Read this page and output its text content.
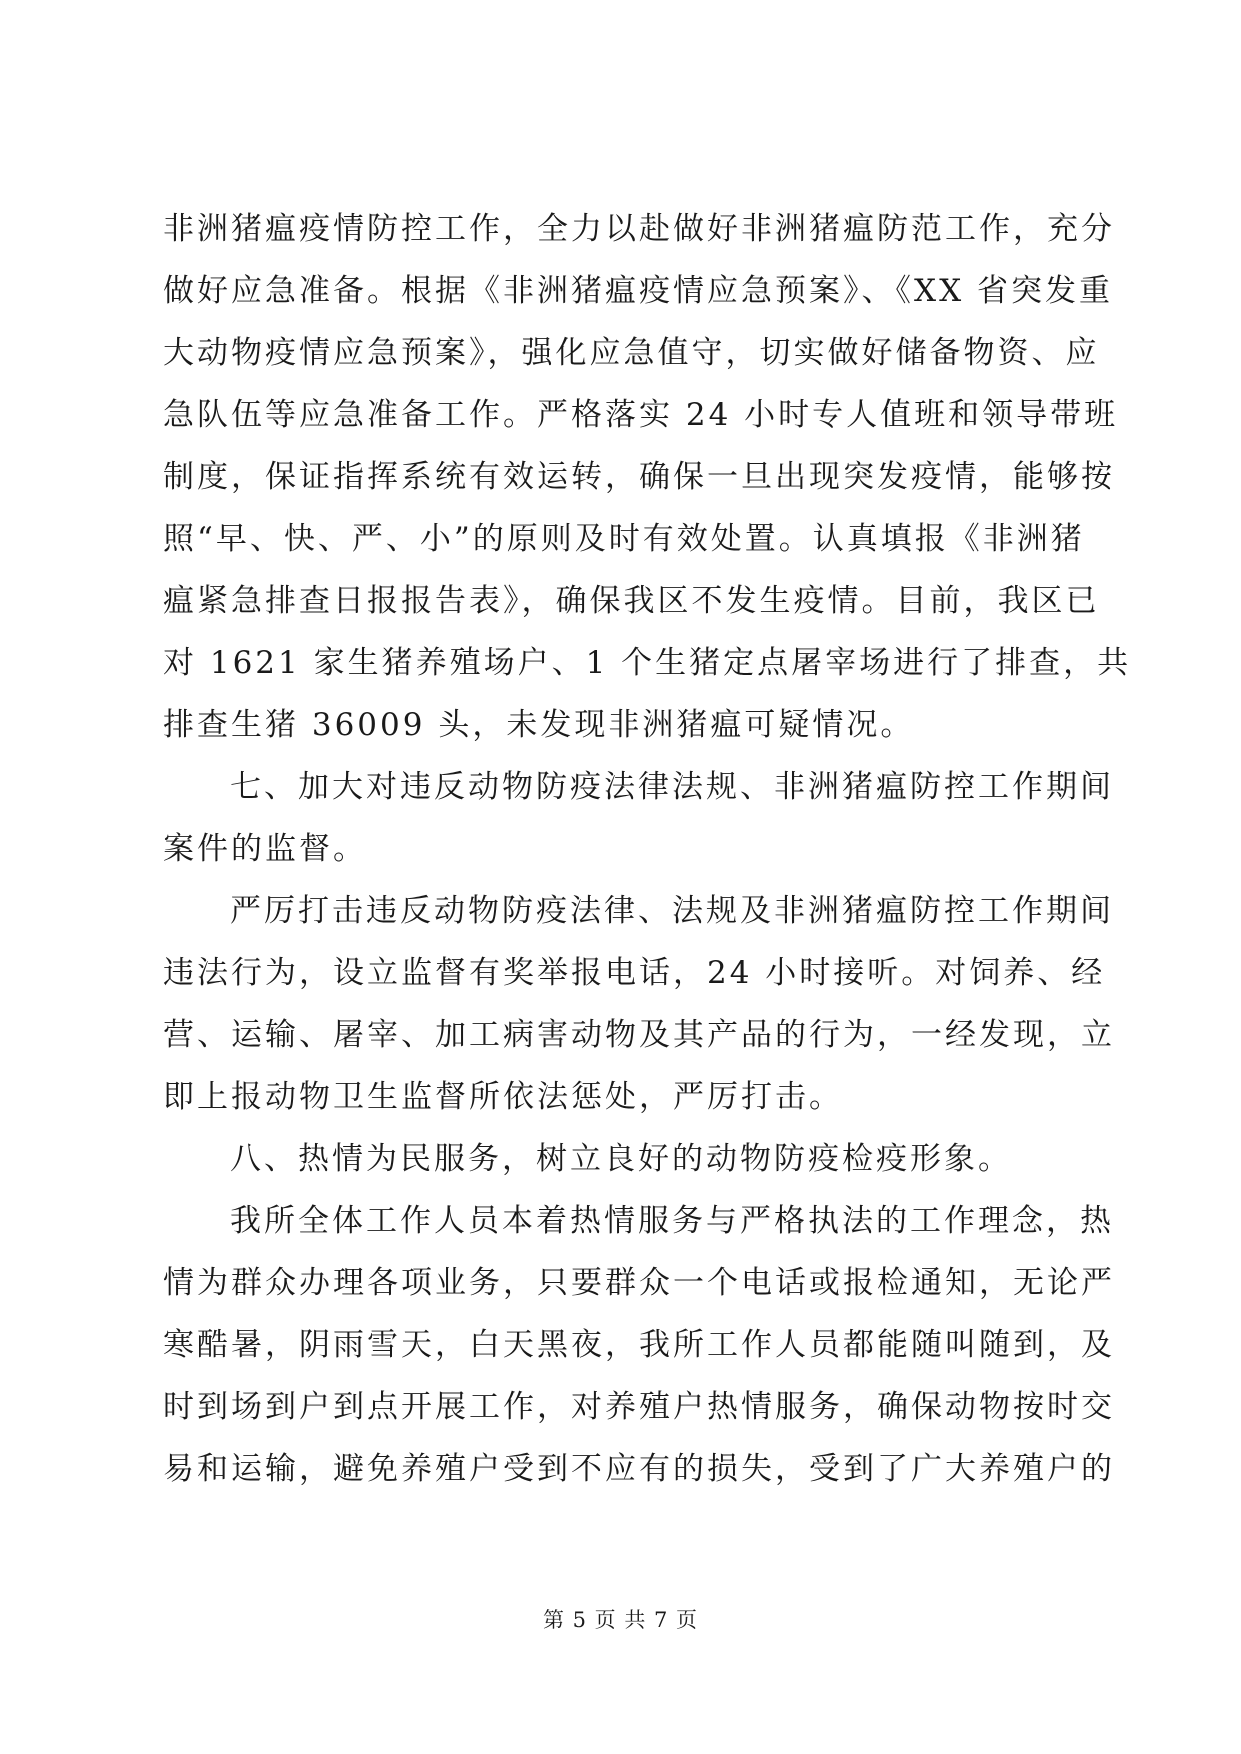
非洲猪瘟疫情防控工作，全力以赴做好非洲猪瘟防范工作，充分
做好应急准备。根据《非洲猪瘟疫情应急预案》、《XX 省突发重
大动物疫情应急预案》，强化应急值守，切实做好储备物资、应
急队伍等应急准备工作。严格落实 24 小时专人值班和领导带班
制度，保证指挥系统有效运转，确保一旦出现突发疫情，能够按
照“早、快、严、小”的原则及时有效处置。认真填报《非洲猪
瘟紧急排查日报报告表》，确保我区不发生疫情。目前，我区已
对 1621 家生猪养殖场户、1 个生猪定点屠宰场进行了排查，共
排查生猪 36009 头，未发现非洲猪瘟可疑情况。
七、加大对违反动物防疫法律法规、非洲猪瘟防控工作期间
案件的监督。
严厉打击违反动物防疫法律、法规及非洲猪瘟防控工作期间
违法行为，设立监督有奖举报电话，24 小时接听。对饲养、经
营、运输、屠宰、加工病害动物及其产品的行为，一经发现，立
即上报动物卫生监督所依法惩处，严厉打击。
八、热情为民服务，树立良好的动物防疫检疫形象。
我所全体工作人员本着热情服务与严格执法的工作理念，热
情为群众办理各项业务，只要群众一个电话或报检通知，无论严
寒酷暑，阴雨雪天，白天黑夜，我所工作人员都能随叫随到，及
时到场到户到点开展工作，对养殖户热情服务，确保动物按时交
易和运输，避免养殖户受到不应有的损失，受到了广大养殖户的
第 5 页 共 7 页
